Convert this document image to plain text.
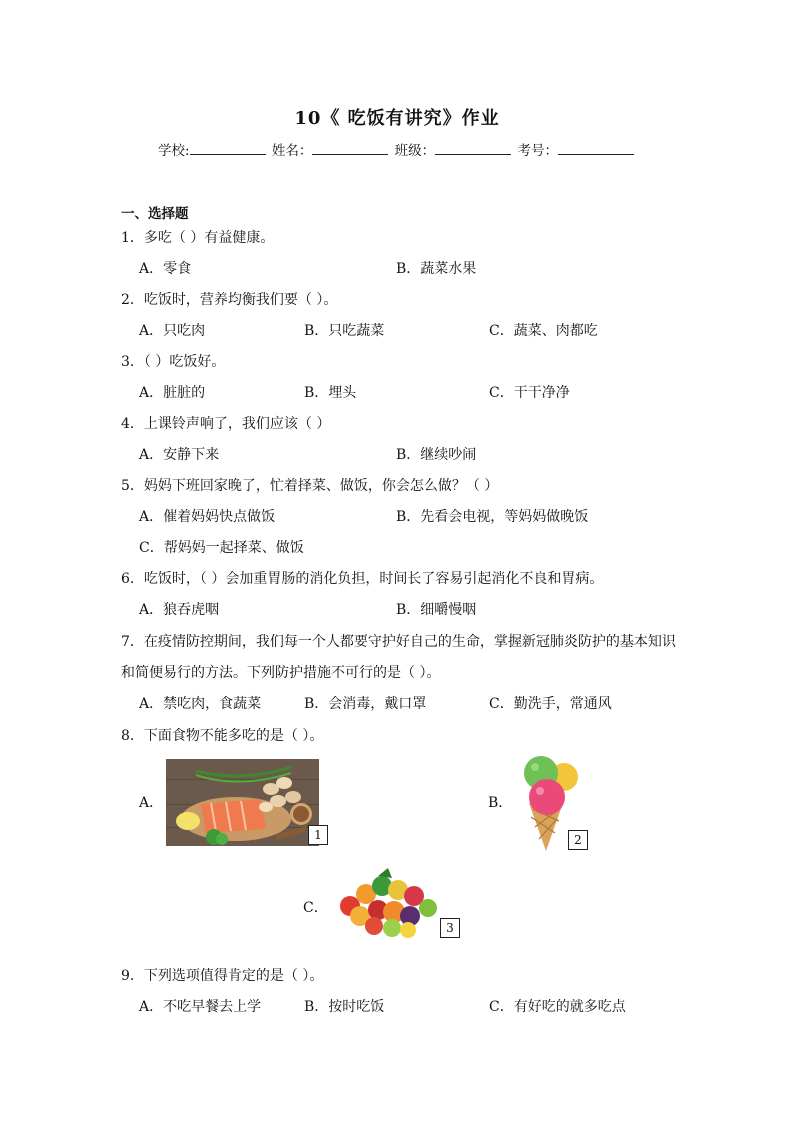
10《 吃饭有讲究》作业
学校:	姓名：	班级：	考号：
一、选择题
1．多吃（ ）有益健康。
A．零食	B．蔬菜水果
2．吃饭时，营养均衡我们要（ ）。
A．只吃肉	B．只吃蔬菜	C．蔬菜、肉都吃
3．（ ）吃饭好。
A．脏脏的	B．埋头	C．干干净净
4．上课铃声响了，我们应该（ ）
A．安静下来	B．继续吵闹
5．妈妈下班回家晚了，忙着择菜、做饭，你会怎么做？（ ）
A．催着妈妈快点做饭	B．先看会电视，等妈妈做晚饭
C．帮妈妈一起择菜、做饭
6．吃饭时，（ ）会加重胃肠的消化负担，时间长了容易引起消化不良和胃病。
A．狼吞虎咽	B．细嚼慢咽
7．在疫情防控期间，我们每一个人都要守护好自己的生命，掌握新冠肺炎防护的基本知识
和简便易行的方法。下列防护措施不可行的是（ ）。
A．禁吃肉，食蔬菜	B．会消毒，戴口罩	C．勤洗手，常通风
8．下面食物不能多吃的是（ ）。
A．
1
B．
2
C．
3
9．下列选项值得肯定的是（ ）。
A．不吃早餐去上学	B．按时吃饭	C．有好吃的就多吃点
